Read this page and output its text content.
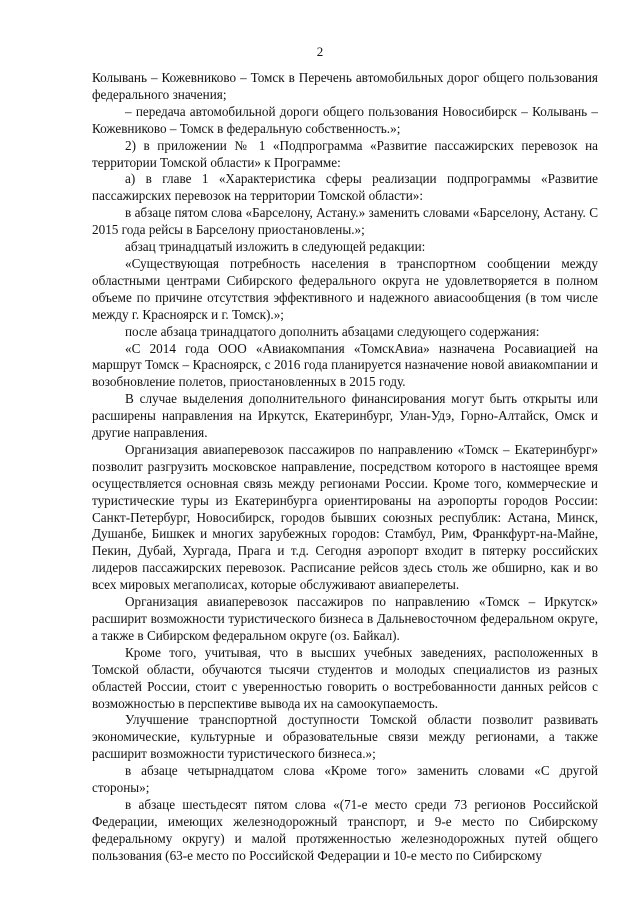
2

Колывань – Кожевниково – Томск в Перечень автомобильных дорог общего пользования федерального значения;

– передача автомобильной дороги общего пользования Новосибирск – Колывань – Кожевниково – Томск в федеральную собственность.»;

2) в приложении № 1 «Подпрограмма «Развитие пассажирских перевозок на территории Томской области» к Программе:

а) в главе 1 «Характеристика сферы реализации подпрограммы «Развитие пассажирских перевозок на территории Томской области»:

в абзаце пятом слова «Барселону, Астану.» заменить словами «Барселону, Астану. С 2015 года рейсы в Барселону приостановлены.»;

абзац тринадцатый изложить в следующей редакции:

«Существующая потребность населения в транспортном сообщении между областными центрами Сибирского федерального округа не удовлетворяется в полном объеме по причине отсутствия эффективного и надежного авиасообщения (в том числе между г. Красноярск и г. Томск).»;

после абзаца тринадцатого дополнить абзацами следующего содержания:

«С 2014 года ООО «Авиакомпания «ТомскАвиа» назначена Росавиацией на маршрут Томск – Красноярск, с 2016 года планируется назначение новой авиакомпании и возобновление полетов, приостановленных в 2015 году.

В случае выделения дополнительного финансирования могут быть открыты или расширены направления на Иркутск, Екатеринбург, Улан-Удэ, Горно-Алтайск, Омск и другие направления.

Организация авиаперевозок пассажиров по направлению «Томск – Екатеринбург» позволит разгрузить московское направление, посредством которого в настоящее время осуществляется основная связь между регионами России. Кроме того, коммерческие и туристические туры из Екатеринбурга ориентированы на аэропорты городов России: Санкт-Петербург, Новосибирск, городов бывших союзных республик: Астана, Минск, Душанбе, Бишкек и многих зарубежных городов: Стамбул, Рим, Франкфурт-на-Майне, Пекин, Дубай, Хургада, Прага и т.д. Сегодня аэропорт входит в пятерку российских лидеров пассажирских перевозок. Расписание рейсов здесь столь же обширно, как и во всех мировых мегаполисах, которые обслуживают авиаперелеты.

Организация авиаперевозок пассажиров по направлению «Томск – Иркутск» расширит возможности туристического бизнеса в Дальневосточном федеральном округе, а также в Сибирском федеральном округе (оз. Байкал).

Кроме того, учитывая, что в высших учебных заведениях, расположенных в Томской области, обучаются тысячи студентов и молодых специалистов из разных областей России, стоит с уверенностью говорить о востребованности данных рейсов с возможностью в перспективе вывода их на самоокупаемость.

Улучшение транспортной доступности Томской области позволит развивать экономические, культурные и образовательные связи между регионами, а также расширит возможности туристического бизнеса.»;

в абзаце четырнадцатом слова «Кроме того» заменить словами «С другой стороны»;

в абзаце шестьдесят пятом слова «(71-е место среди 73 регионов Российской Федерации, имеющих железнодорожный транспорт, и 9-е место по Сибирскому федеральному округу) и малой протяженностью железнодорожных путей общего пользования (63-е место по Российской Федерации и 10-е место по Сибирскому
